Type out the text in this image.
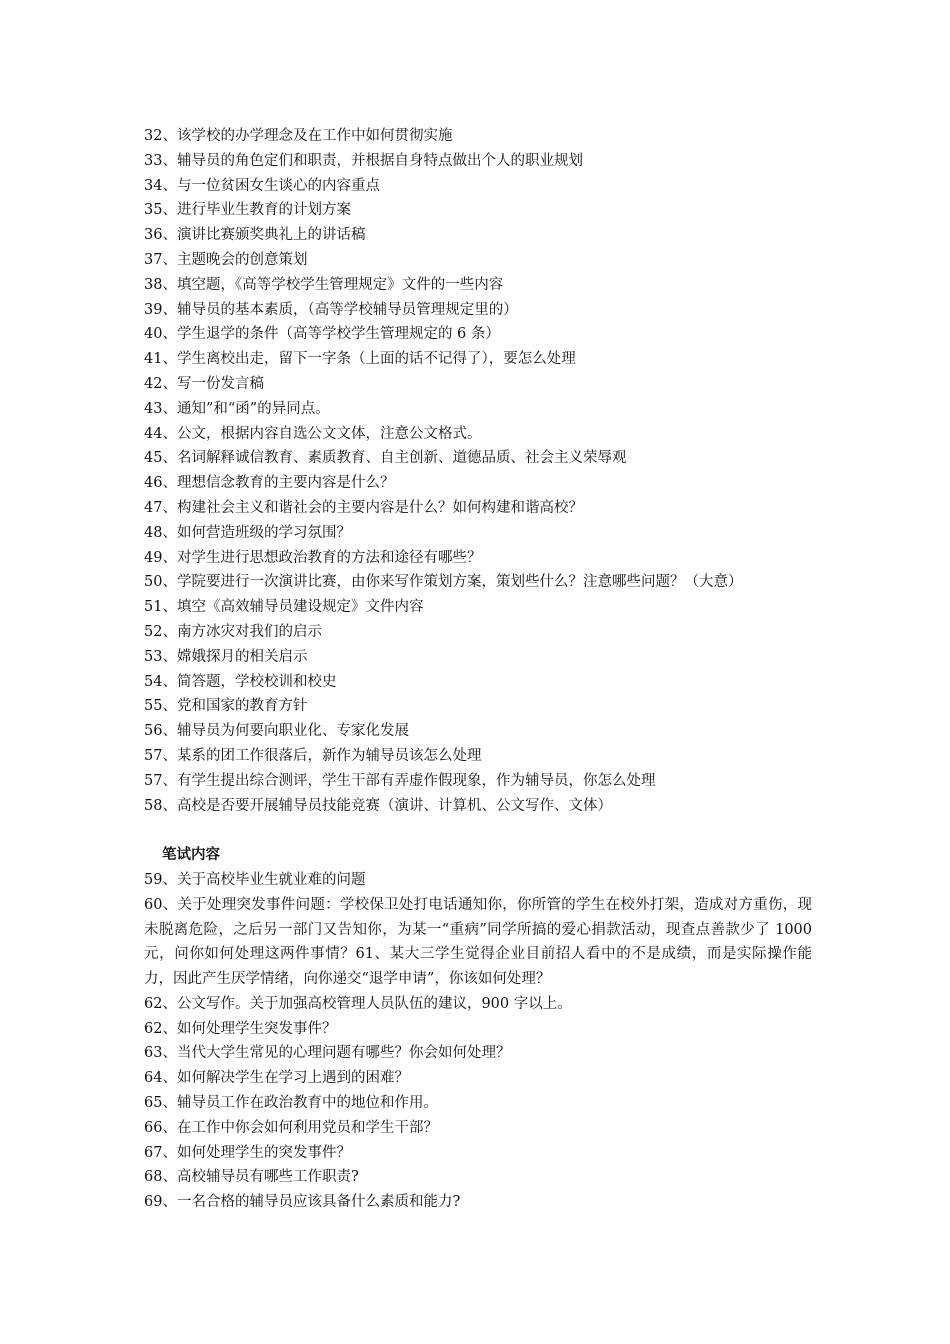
32、该学校的办学理念及在工作中如何贯彻实施
33、辅导员的角色定们和职责，并根据自身特点做出个人的职业规划
34、与一位贫困女生谈心的内容重点
35、进行毕业生教育的计划方案
36、演讲比赛颁奖典礼上的讲话稿
37、主题晚会的创意策划
38、填空题，《高等学校学生管理规定》文件的一些内容
39、辅导员的基本素质，（高等学校辅导员管理规定里的）
40、学生退学的条件（高等学校学生管理规定的 6 条）
41、学生离校出走，留下一字条（上面的话不记得了），要怎么处理
42、写一份发言稿
43、通知”和“函”的异同点。
44、公文，根据内容自选公文文体，注意公文格式。
45、名词解释诚信教育、素质教育、自主创新、道德品质、社会主义荣辱观
46、理想信念教育的主要内容是什么？
47、构建社会主义和谐社会的主要内容是什么？如何构建和谐高校？
48、如何营造班级的学习氛围？
49、对学生进行思想政治教育的方法和途径有哪些？
50、学院要进行一次演讲比赛，由你来写作策划方案，策划些什么？注意哪些问题？（大意）
51、填空《高效辅导员建设规定》文件内容
52、南方冰灾对我们的启示
53、嫦娥探月的相关启示
54、简答题，学校校训和校史
55、党和国家的教育方针
56、辅导员为何要向职业化、专家化发展
57、某系的团工作很落后，新作为辅导员该怎么处理
57、有学生提出综合测评，学生干部有弄虚作假现象，作为辅导员，你怎么处理
58、高校是否要开展辅导员技能竞赛（演讲、计算机、公文写作、文体）
笔试内容
59、关于高校毕业生就业难的问题
60、关于处理突发事件问题：学校保卫处打电话通知你，你所管的学生在校外打架，造成对方重伤，现未脱离危险，之后另一部门又告知你，为某一“重病”同学所搞的爱心捐款活动，现查点善款少了 1000 元，问你如何处理这两件事情？61、某大三学生觉得企业目前招人看中的不是成绩，而是实际操作能力，因此产生厌学情绪，向你递交“退学申请”，你该如何处理？
62、公文写作。关于加强高校管理人员队伍的建议，900 字以上。
62、如何处理学生突发事件？
63、当代大学生常见的心理问题有哪些？你会如何处理？
64、如何解决学生在学习上遇到的困难？
65、辅导员工作在政治教育中的地位和作用。
66、在工作中你会如何利用党员和学生干部？
67、如何处理学生的突发事件？
68、高校辅导员有哪些工作职责?
69、一名合格的辅导员应该具备什么素质和能力?
